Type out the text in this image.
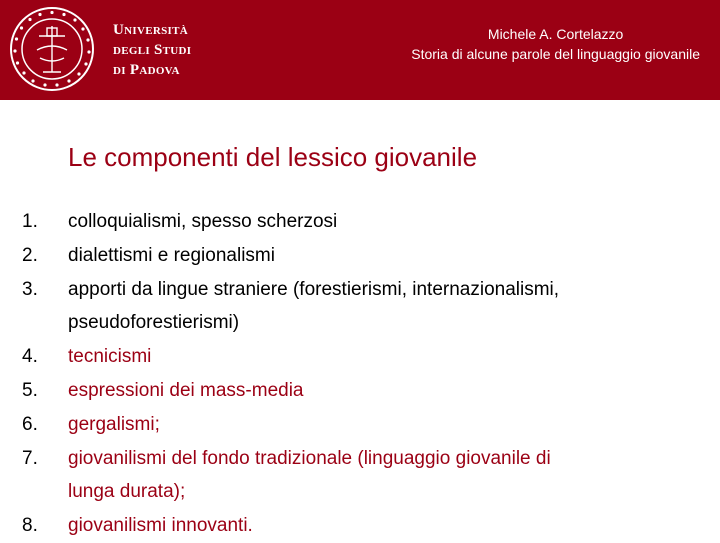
Università
degli Studi
di Padova
Michele A. Cortelazzo
Storia di alcune parole del linguaggio giovanile
Le componenti del lessico giovanile
1.	colloquialismi, spesso scherzosi
2.	dialettismi e regionalismi
3.	apporti da lingue straniere (forestierismi, internazionalismi,
pseudoforestierismi)
4.	tecnicismi
5.	espressioni dei mass-media
6.	gergalismi;
7.	giovanilismi del fondo tradizionale (linguaggio giovanile di
lunga durata);
8.	giovanilismi innovanti.
